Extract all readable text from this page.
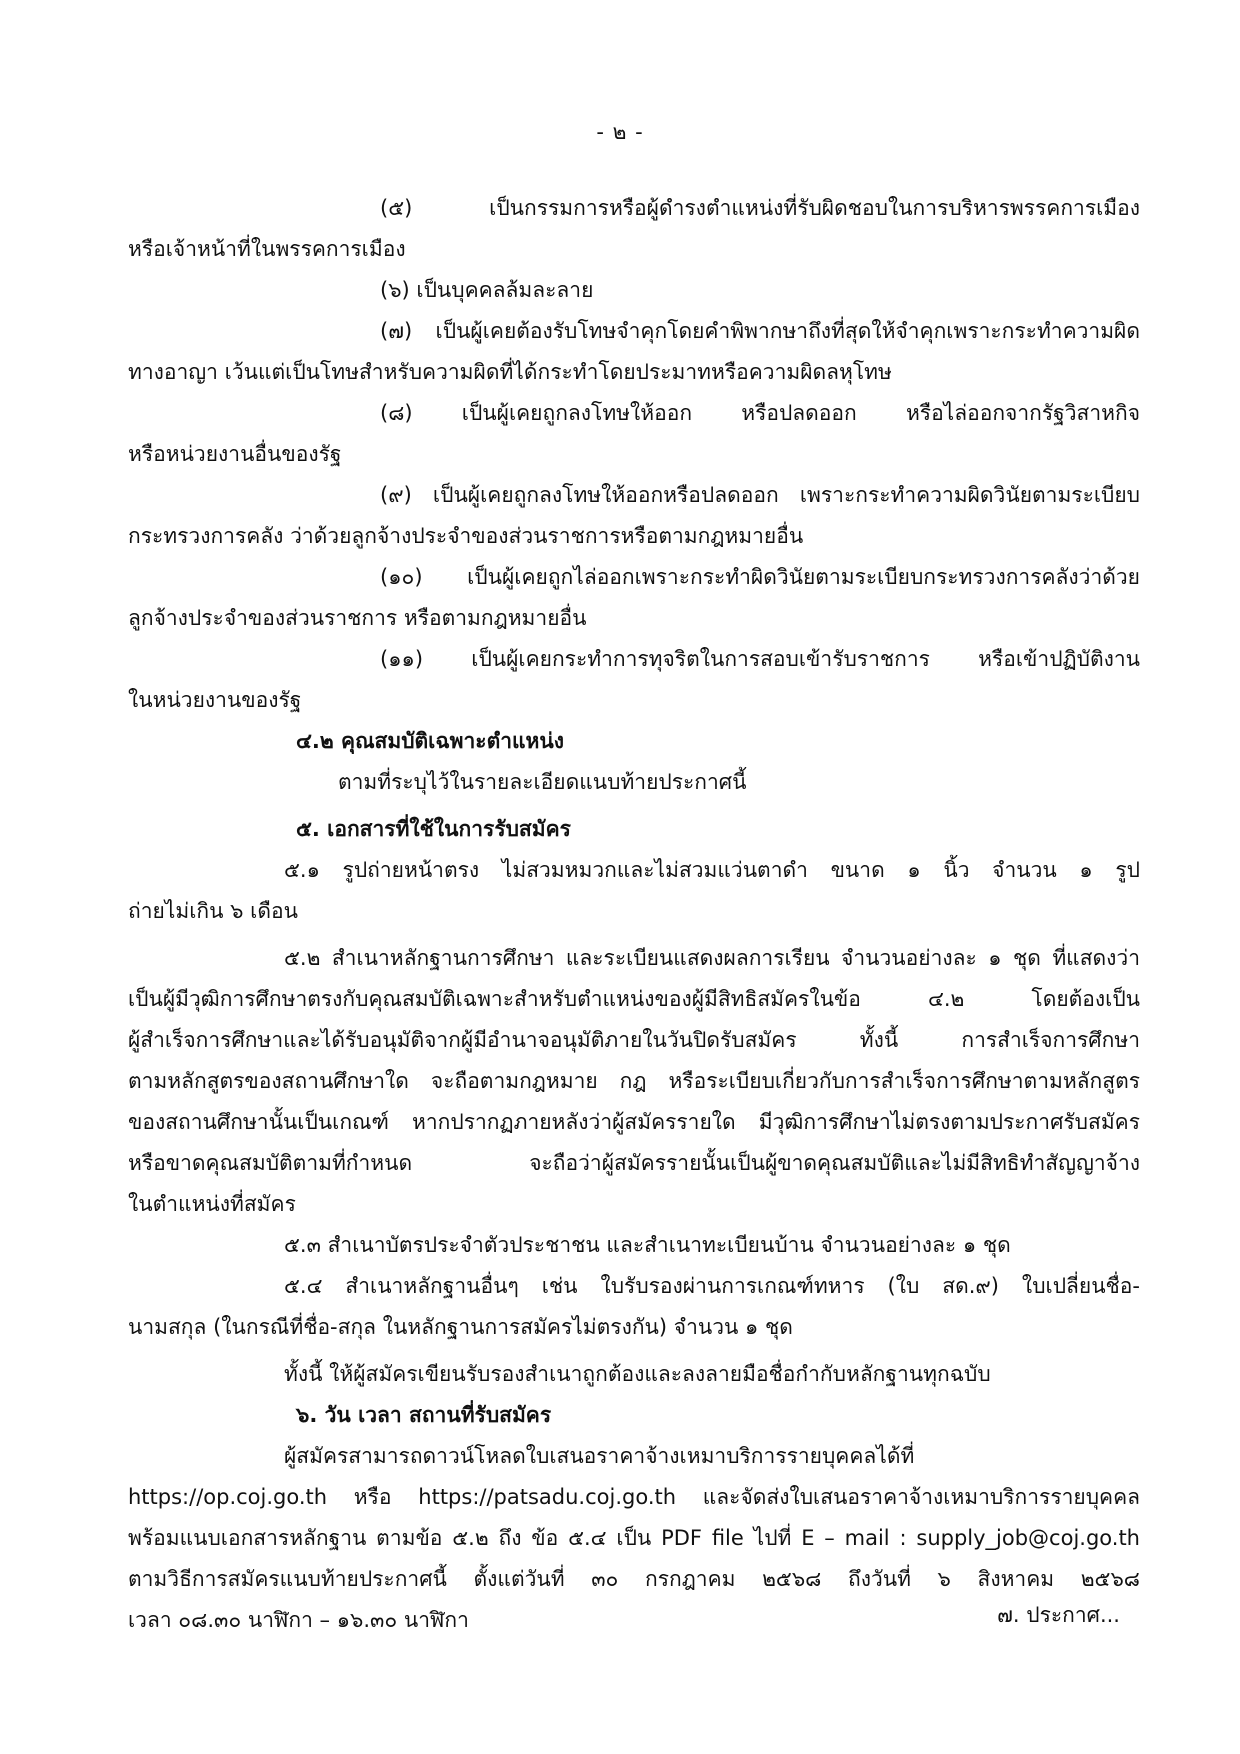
- ๒ -
(๕) เป็นกรรมการหรือผู้ดำรงตำแหน่งที่รับผิดชอบในการบริหารพรรคการเมือง
หรือเจ้าหน้าที่ในพรรคการเมือง
(๖) เป็นบุคคลล้มละลาย
(๗) เป็นผู้เคยต้องรับโทษจำคุกโดยคำพิพากษาถึงที่สุดให้จำคุกเพราะกระทำความผิด
ทางอาญา เว้นแต่เป็นโทษสำหรับความผิดที่ได้กระทำโดยประมาทหรือความผิดลหุโทษ
(๘) เป็นผู้เคยถูกลงโทษให้ออก หรือปลดออก หรือไล่ออกจากรัฐวิสาหกิจ
หรือหน่วยงานอื่นของรัฐ
(๙) เป็นผู้เคยถูกลงโทษให้ออกหรือปลดออก เพราะกระทำความผิดวินัยตามระเบียบ
กระทรวงการคลัง ว่าด้วยลูกจ้างประจำของส่วนราชการหรือตามกฎหมายอื่น
(๑๐) เป็นผู้เคยถูกไล่ออกเพราะกระทำผิดวินัยตามระเบียบกระทรวงการคลังว่าด้วย
ลูกจ้างประจำของส่วนราชการ หรือตามกฎหมายอื่น
(๑๑) เป็นผู้เคยกระทำการทุจริตในการสอบเข้ารับราชการ หรือเข้าปฏิบัติงาน
ในหน่วยงานของรัฐ
๔.๒ คุณสมบัติเฉพาะตำแหน่ง
ตามที่ระบุไว้ในรายละเอียดแนบท้ายประกาศนี้
๕. เอกสารที่ใช้ในการรับสมัคร
๕.๑ รูปถ่ายหน้าตรง ไม่สวมหมวกและไม่สวมแว่นตาดำ ขนาด ๑ นิ้ว จำนวน ๑ รูป
ถ่ายไม่เกิน ๖ เดือน
๕.๒ สำเนาหลักฐานการศึกษา และระเบียนแสดงผลการเรียน จำนวนอย่างละ ๑ ชุด ที่แสดงว่า
เป็นผู้มีวุฒิการศึกษาตรงกับคุณสมบัติเฉพาะสำหรับตำแหน่งของผู้มีสิทธิสมัครในข้อ ๔.๒ โดยต้องเป็น
ผู้สำเร็จการศึกษาและได้รับอนุมัติจากผู้มีอำนาจอนุมัติภายในวันปิดรับสมัคร ทั้งนี้ การสำเร็จการศึกษา
ตามหลักสูตรของสถานศึกษาใด จะถือตามกฎหมาย กฎ หรือระเบียบเกี่ยวกับการสำเร็จการศึกษาตามหลักสูตร
ของสถานศึกษานั้นเป็นเกณฑ์ หากปรากฏภายหลังว่าผู้สมัครรายใด มีวุฒิการศึกษาไม่ตรงตามประกาศรับสมัคร
หรือขาดคุณสมบัติตามที่กำหนด จะถือว่าผู้สมัครรายนั้นเป็นผู้ขาดคุณสมบัติและไม่มีสิทธิทำสัญญาจ้าง
ในตำแหน่งที่สมัคร
๕.๓ สำเนาบัตรประจำตัวประชาชน และสำเนาทะเบียนบ้าน จำนวนอย่างละ ๑ ชุด
๕.๔ สำเนาหลักฐานอื่นๆ เช่น ใบรับรองผ่านการเกณฑ์ทหาร (ใบ สด.๙) ใบเปลี่ยนชื่อ-
นามสกุล (ในกรณีที่ชื่อ-สกุล ในหลักฐานการสมัครไม่ตรงกัน) จำนวน ๑ ชุด
ทั้งนี้ ให้ผู้สมัครเขียนรับรองสำเนาถูกต้องและลงลายมือชื่อกำกับหลักฐานทุกฉบับ
๖. วัน เวลา สถานที่รับสมัคร
ผู้สมัครสามารถดาวน์โหลดใบเสนอราคาจ้างเหมาบริการรายบุคคลได้ที่
https://op.coj.go.th หรือ https://patsadu.coj.go.th และจัดส่งใบเสนอราคาจ้างเหมาบริการรายบุคคล
พร้อมแนบเอกสารหลักฐาน ตามข้อ ๕.๒ ถึง ข้อ ๕.๔ เป็น PDF file ไปที่ E – mail : supply_job@coj.go.th
ตามวิธีการสมัครแนบท้ายประกาศนี้ ตั้งแต่วันที่ ๓๐ กรกฎาคม ๒๕๖๘ ถึงวันที่ ๖ สิงหาคม ๒๕๖๘
เวลา ๐๘.๓๐ นาฬิกา – ๑๖.๓๐ นาฬิกา	๗. ประกาศ...
